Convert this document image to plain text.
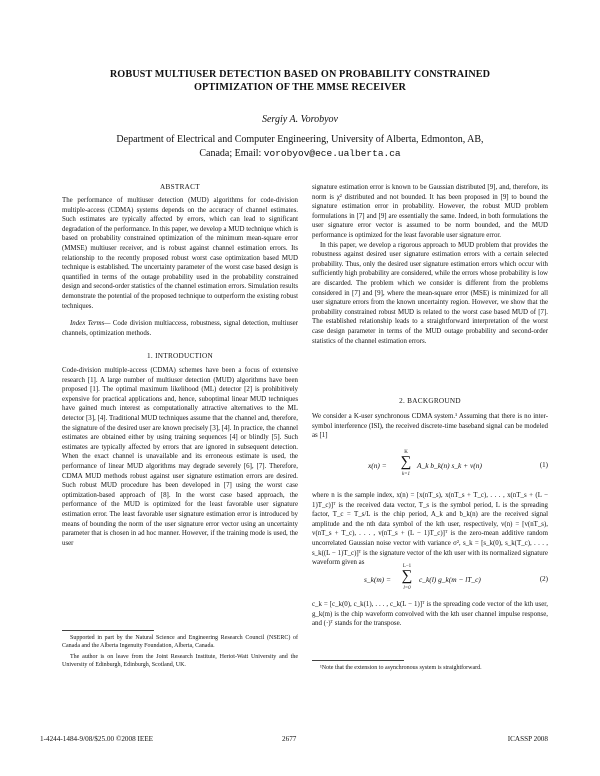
ROBUST MULTIUSER DETECTION BASED ON PROBABILITY CONSTRAINED
OPTIMIZATION OF THE MMSE RECEIVER
Sergiy A. Vorobyov
Department of Electrical and Computer Engineering, University of Alberta, Edmonton, AB,
Canada; Email: vorobyov@ece.ualberta.ca
ABSTRACT

The performance of multiuser detection (MUD) algorithms for code-division multiple-access (CDMA) systems depends on the accuracy of channel estimates. Such estimates are typically affected by errors, which can lead to significant degradation of the performance. In this paper, we develop a MUD technique which is based on probability constrained optimization of the minimum mean-square error (MMSE) multiuser receiver, and is robust against channel estimation errors. Its relationship to the recently proposed robust worst case optimization based MUD technique is established. The uncertainty parameter of the worst case based design is quantified in terms of the outage probability used in the probability constrained design and second-order statistics of the channel estimation errors. Simulation results demonstrate the potential of the proposed technique to outperform the existing robust techniques.

Index Terms— Code division multiaccess, robustness, signal detection, multiuser channels, optimization methods.
1. INTRODUCTION

Code-division multiple-access (CDMA) schemes have been a focus of extensive research [1]. A large number of multiuser detection (MUD) algorithms have been proposed [1]. The optimal maximum likelihood (ML) detector [2] is prohibitively expensive for practical applications and, hence, suboptimal linear MUD techniques have gained much interest as computationally attractive alternatives to the ML detector [3], [4]. Traditional MUD techniques assume that the channel and, therefore, the signature of the desired user are known precisely [3], [4]. In practice, the channel estimates are obtained either by using training sequences [4] or blindly [5]. Such estimates are typically affected by errors that are ignored in subsequent detection. When the exact channel is unavailable and its erroneous estimate is used, the performance of linear MUD algorithms may degrade severely [6], [7]. Therefore, CDMA MUD methods robust against user signature estimation errors are desired. Such robust MUD procedure has been developed in [7] using the worst case optimization-based approach of [8]. In the worst case based approach, the performance of the MUD is optimized for the least favorable user signature estimation error. The least favorable user signature estimation error is introduced by means of bounding the norm of the user signature error vector using an uncertainty parameter that is chosen in ad hoc manner. However, if the training mode is used, the user

Supported in part by the Natural Science and Engineering Research Council (NSERC) of Canada and the Alberta Ingenuity Foundation, Alberta, Canada.
The author is on leave from the Joint Research Institute, Heriot-Watt University and the University of Edinburgh, Edinburgh, Scotland, UK.

signature estimation error is known to be Gaussian distributed [9], and, therefore, its norm is χ² distributed and not bounded. It has been proposed in [9] to bound the signature estimation error in probability. However, the robust MUD problem formulations in [7] and [9] are essentially the same. Indeed, in both formulations the user signature error vector is assumed to be norm bounded, and the MUD performance is optimized for the least favorable user signature error.

In this paper, we develop a rigorous approach to MUD problem that provides the robustness against desired user signature estimation errors with a certain selected probability. Thus, only the desired user signature estimation errors which occur with sufficiently high probability are considered, while the errors whose probability is low are discarded. The problem which we consider is different from the problems considered in [7] and [9], where the mean-square error (MSE) is minimized for all user signature errors from the known uncertainty region. However, we show that the probability constrained robust MUD is related to the worst case based MUD of [7]. The established relationship leads to a straightforward interpretation of the worst case design parameter in terms of the MUD outage probability and second-order statistics of the channel estimation errors.

2. BACKGROUND

We consider a K-user synchronous CDMA system.¹ Assuming that there is no inter-symbol interference (ISI), the received discrete-time baseband signal can be modeled as [1]

x(n) =
K
∑
k=1
A_k b_k(n) s_k + v(n)	(1)

where n is the sample index, x(n) = [x(nT_s), x(nT_s + T_c), . . . , x(nT_s + (L − 1)T_c)]ᵀ is the received data vector, T_s is the symbol period, L is the spreading factor, T_c = T_s/L is the chip period, A_k and b_k(n) are the received signal amplitude and the nth data symbol of the kth user, respectively, v(n) = [v(nT_s), v(nT_s + T_c), . . . , v(nT_s + (L − 1)T_c)]ᵀ is the zero-mean additive random uncorrelated Gaussian noise vector with variance σ², s_k = [s_k(0), s_k(T_c), . . . , s_k((L − 1)T_c)]ᵀ is the signature vector of the kth user with its normalized signature waveform given as

s_k(m) =
L−1
∑
l=0
c_k(l) g_k(m − lT_c)	(2)

c_k = [c_k(0), c_k(1), . . . , c_k(L − 1)]ᵀ is the spreading code vector of the kth user, g_k(m) is the chip waveform convolved with the kth user channel impulse response, and (·)ᵀ stands for the transpose.

¹Note that the extension to asynchronous system is straightforward.
1-4244-1484-9/08/$25.00 ©2008 IEEE	2677	ICASSP 2008
